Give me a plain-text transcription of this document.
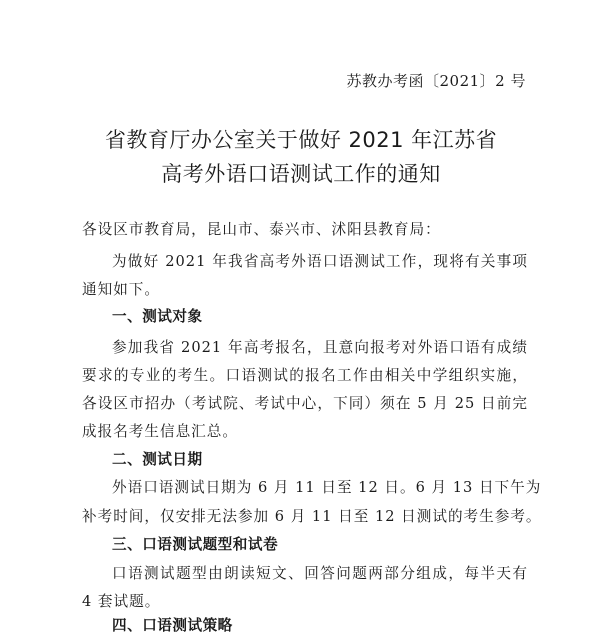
苏教办考函〔2021〕2 号
省教育厅办公室关于做好 2021 年江苏省
高考外语口语测试工作的通知
各设区市教育局，昆山市、泰兴市、沭阳县教育局：
为做好 2021 年我省高考外语口语测试工作，现将有关事项
通知如下。
一、测试对象
参加我省 2021 年高考报名，且意向报考对外语口语有成绩
要求的专业的考生。口语测试的报名工作由相关中学组织实施，
各设区市招办（考试院、考试中心，下同）须在 5 月 25 日前完
成报名考生信息汇总。
二、测试日期
外语口语测试日期为 6 月 11 日至 12 日。6 月 13 日下午为
补考时间，仅安排无法参加 6 月 11 日至 12 日测试的考生参考。
三、口语测试题型和试卷
口语测试题型由朗读短文、回答问题两部分组成，每半天有
4 套试题。
四、口语测试策略
